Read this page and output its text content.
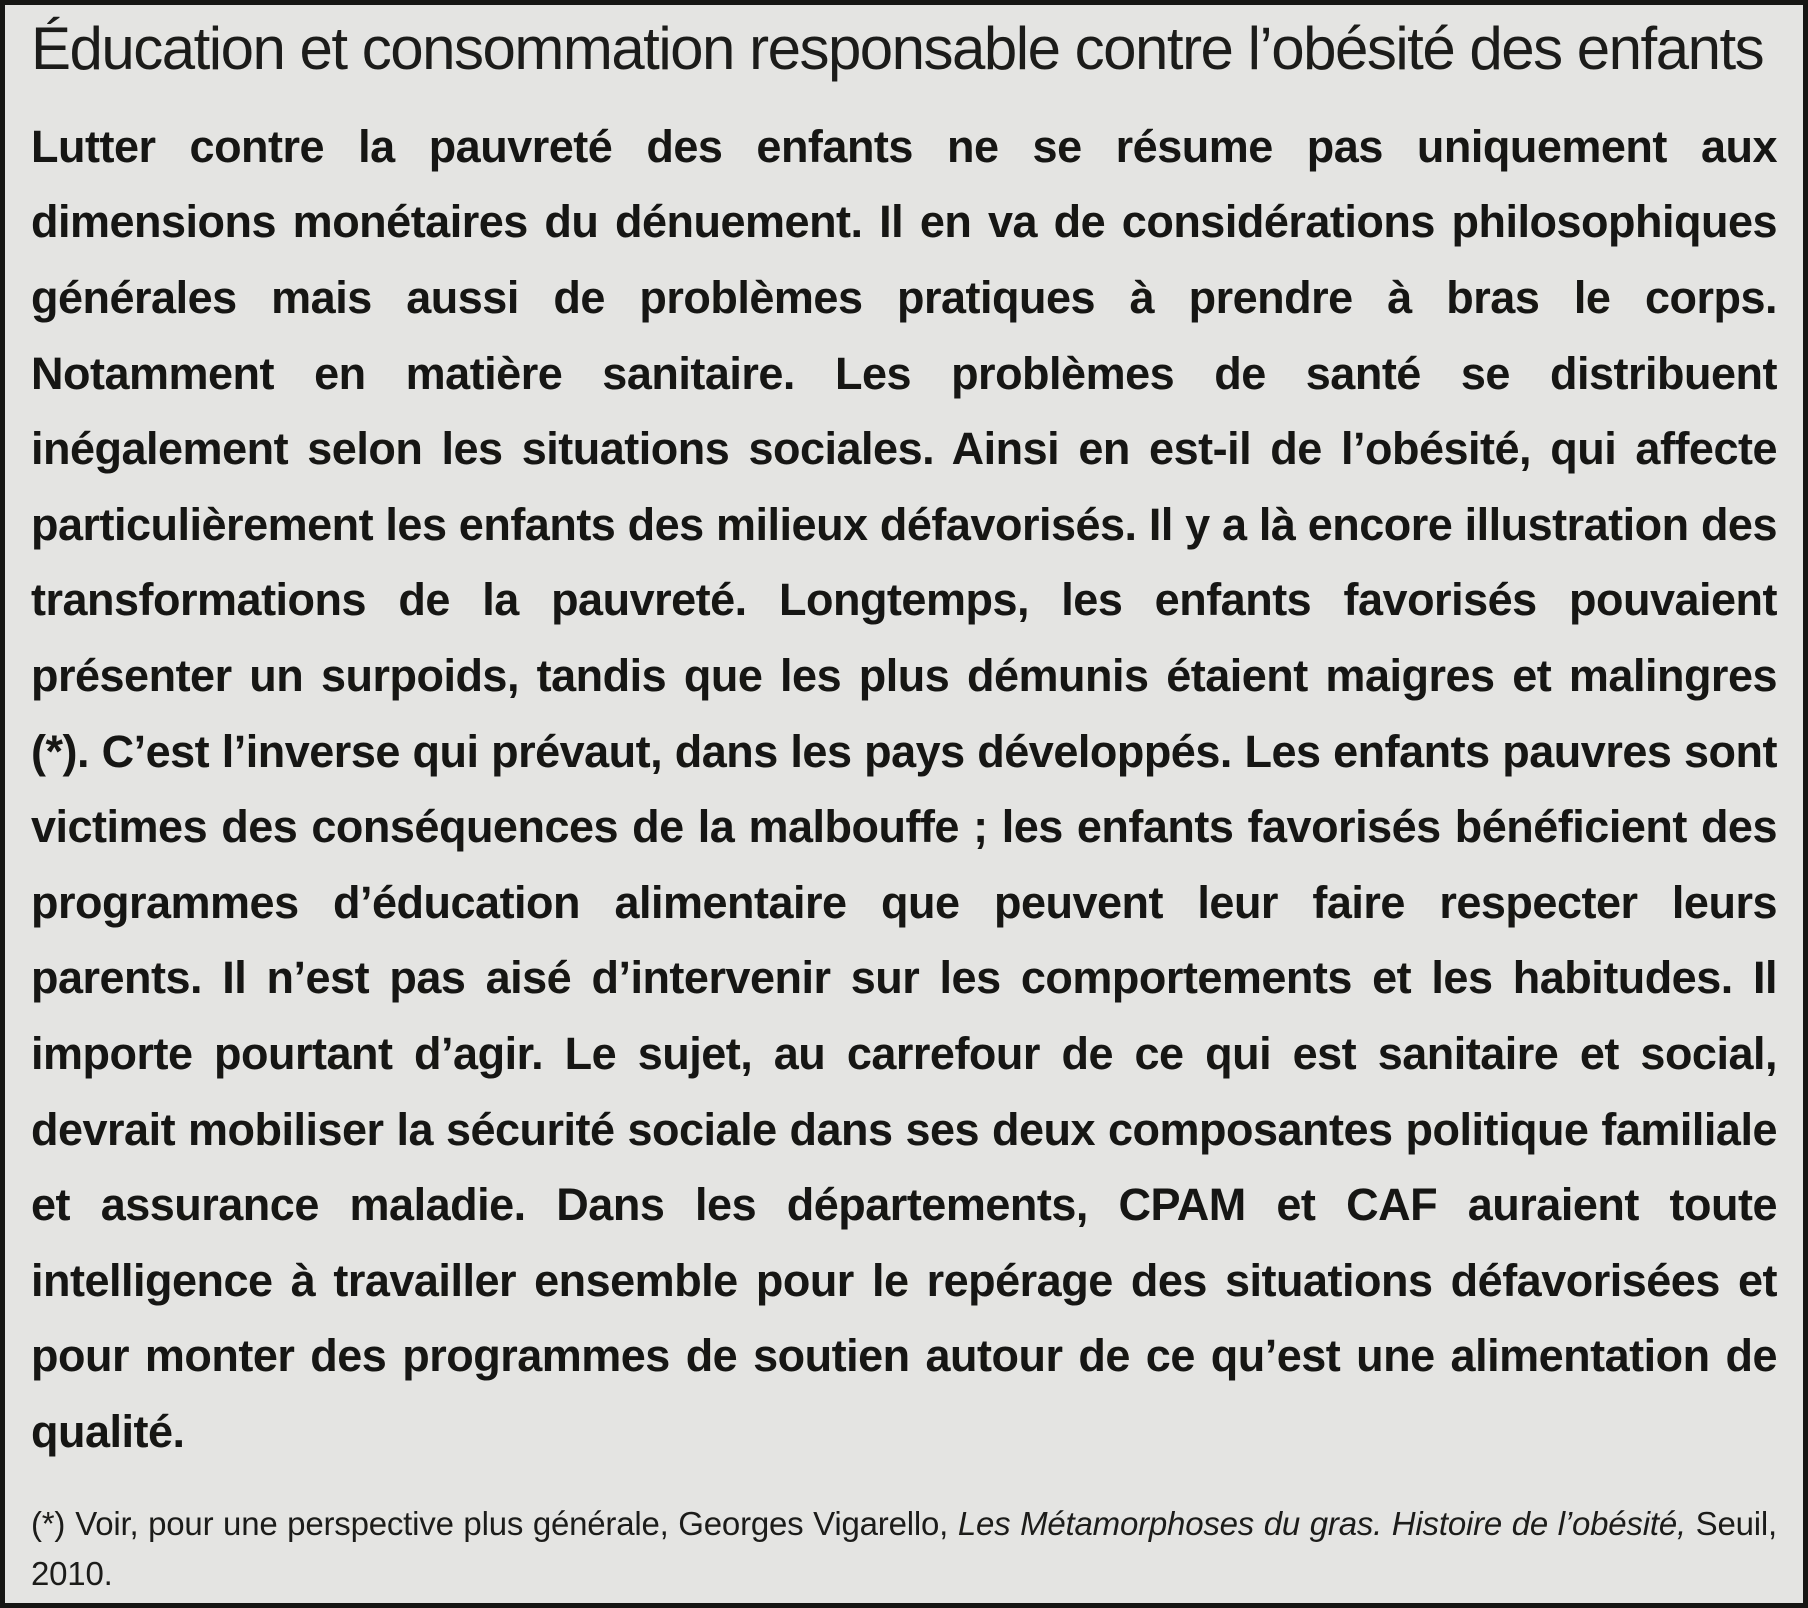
Éducation et consommation responsable contre l’obésité des enfants

Lutter contre la pauvreté des enfants ne se résume pas uniquement aux dimensions monétaires du dénuement. Il en va de considérations philosophiques générales mais aussi de problèmes pratiques à prendre à bras le corps. Notamment en matière sanitaire. Les problèmes de santé se distribuent inégalement selon les situations sociales. Ainsi en est-il de l’obésité, qui affecte particulièrement les enfants des milieux défavorisés. Il y a là encore illustration des transformations de la pauvreté. Longtemps, les enfants favorisés pouvaient présenter un surpoids, tandis que les plus démunis étaient maigres et malingres (*). C’est l’inverse qui prévaut, dans les pays développés. Les enfants pauvres sont victimes des conséquences de la malbouffe ; les enfants favorisés bénéficient des programmes d’éducation alimentaire que peuvent leur faire respecter leurs parents. Il n’est pas aisé d’intervenir sur les comportements et les habitudes. Il importe pourtant d’agir. Le sujet, au carrefour de ce qui est sanitaire et social, devrait mobiliser la sécurité sociale dans ses deux composantes politique familiale et assurance maladie. Dans les départements, CPAM et CAF auraient toute intelligence à travailler ensemble pour le repérage des situations défavorisées et pour monter des programmes de soutien autour de ce qu’est une alimentation de qualité.

(*) Voir, pour une perspective plus générale, Georges Vigarello, Les Métamorphoses du gras. Histoire de l’obésité, Seuil, 2010.
